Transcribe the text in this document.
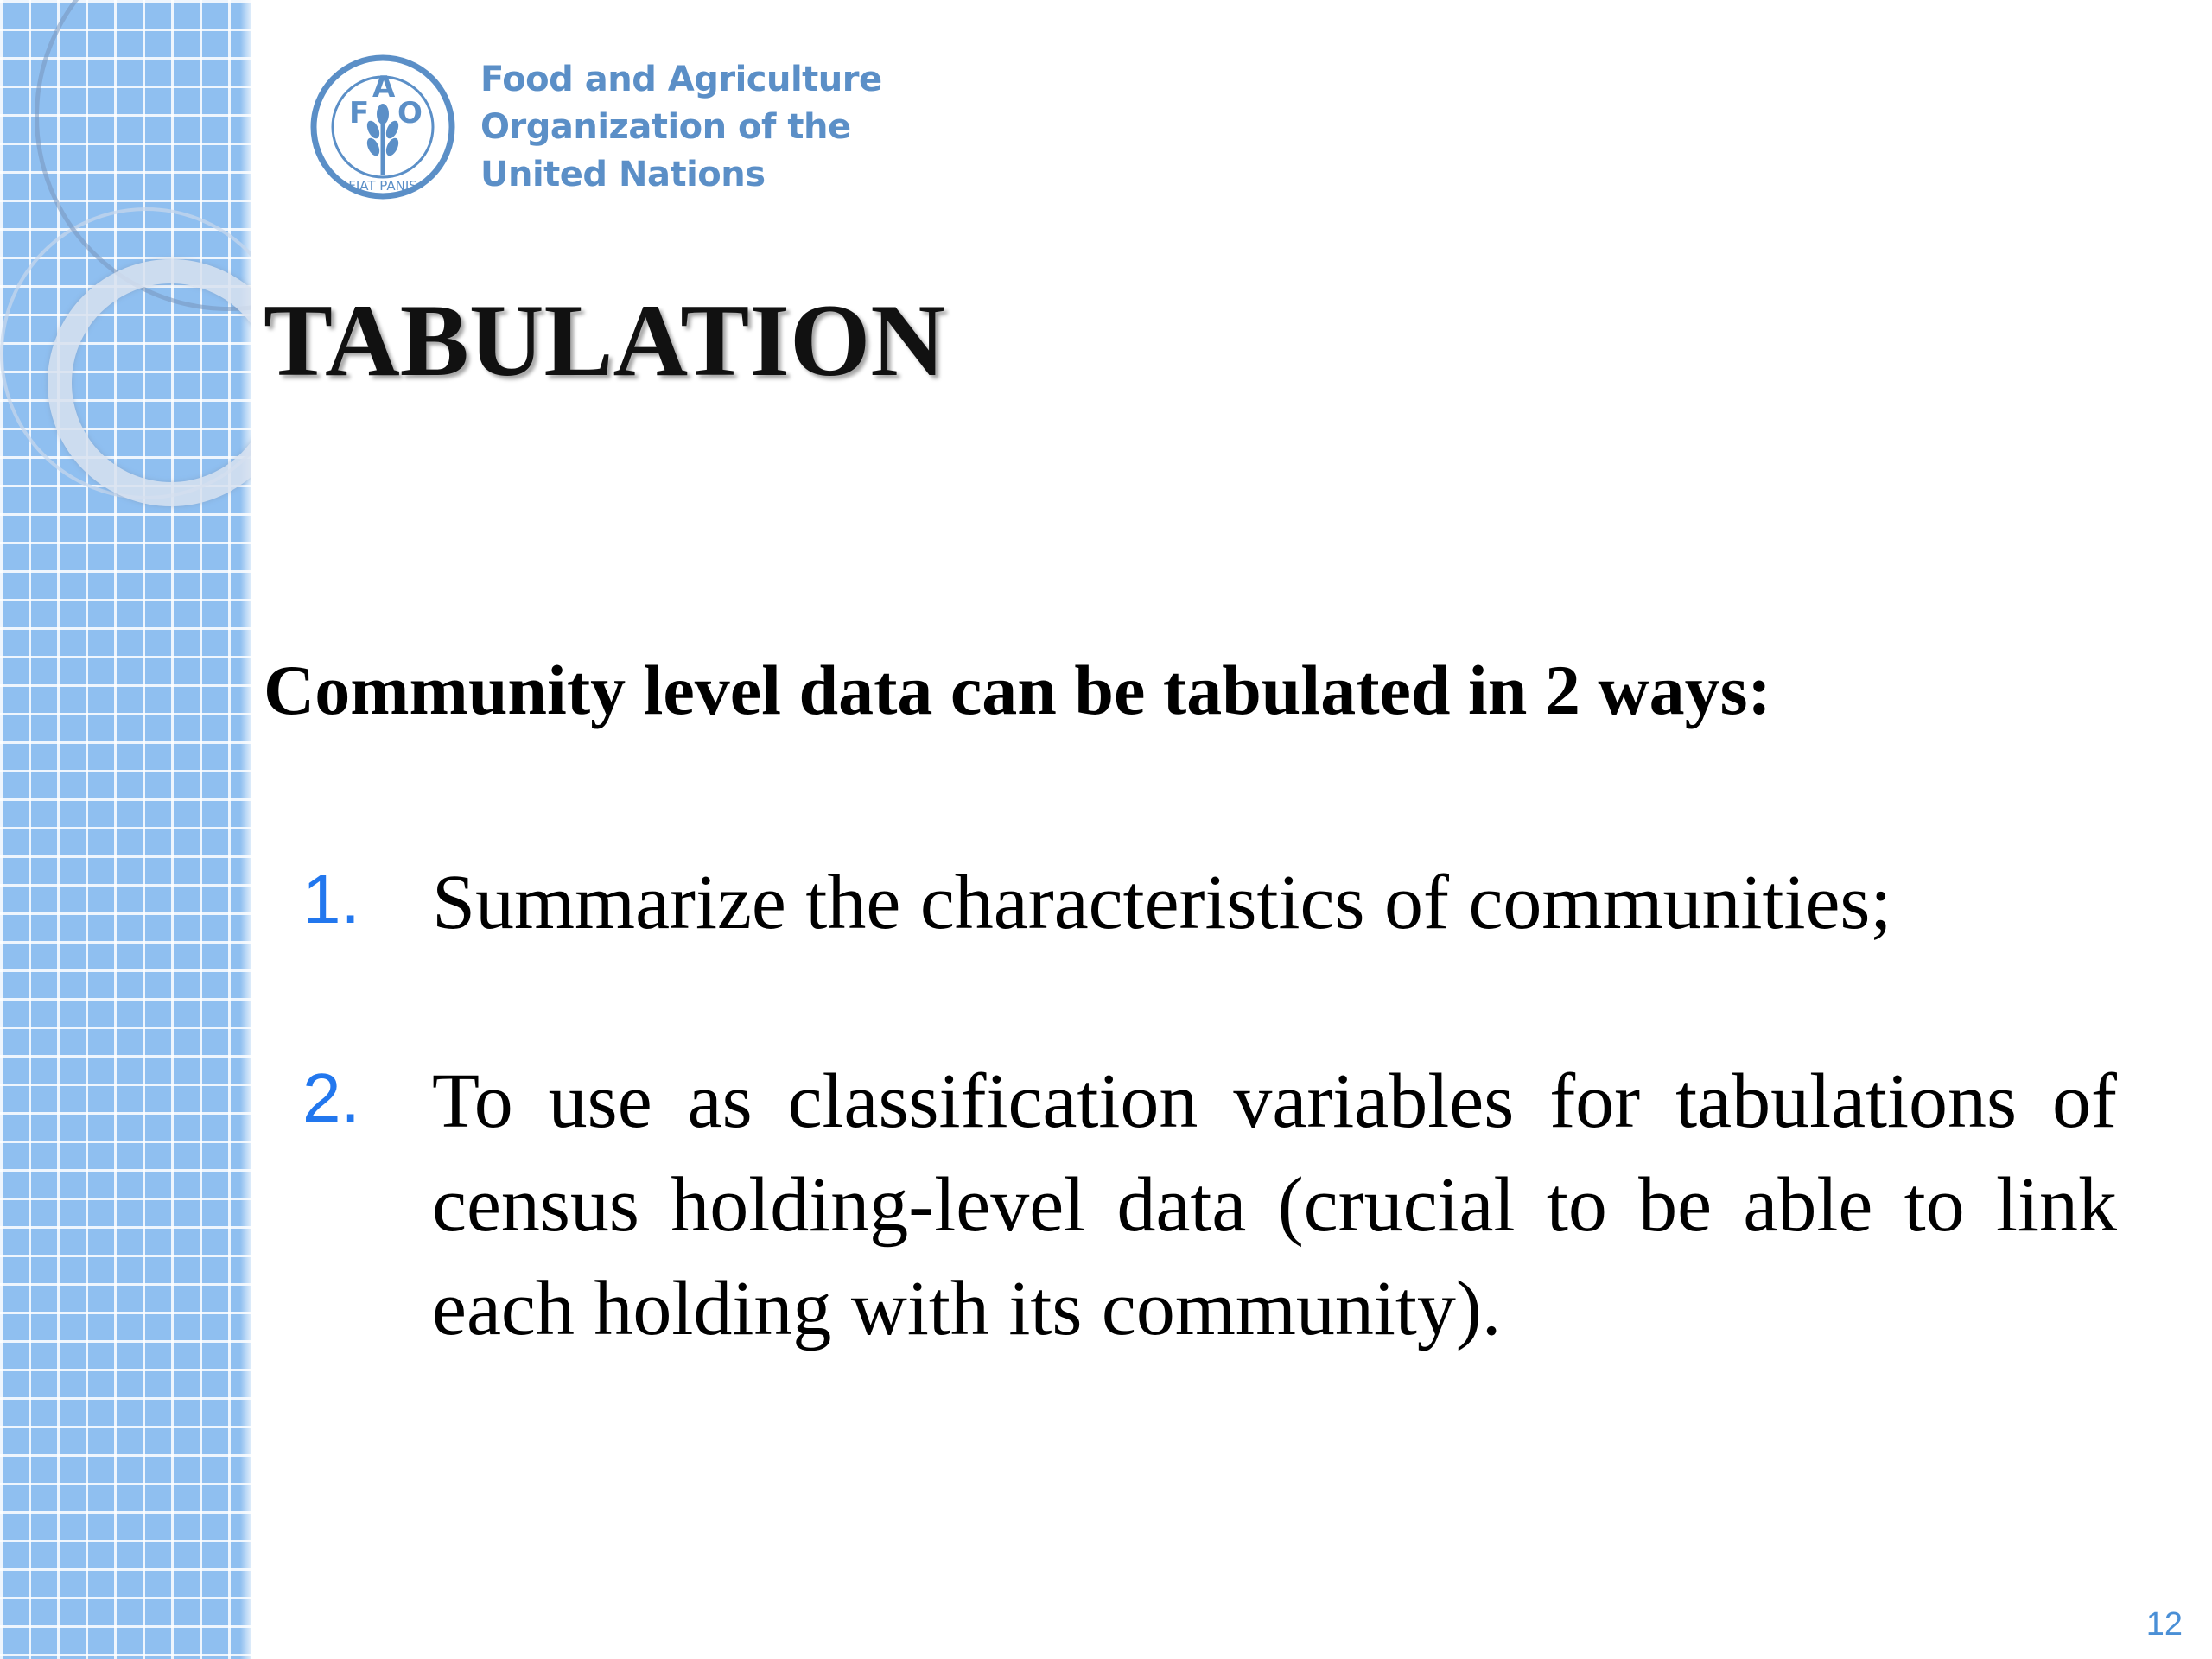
F
A
O
FIAT PANIS
Food and Agriculture
Organization of the
United Nations
TABULATION
Community level data can be tabulated in 2 ways:
1. Summarize the characteristics of communities;
2. To use as classification variables for tabulations of census holding-level data (crucial to be able to link each holding with its community).
12
